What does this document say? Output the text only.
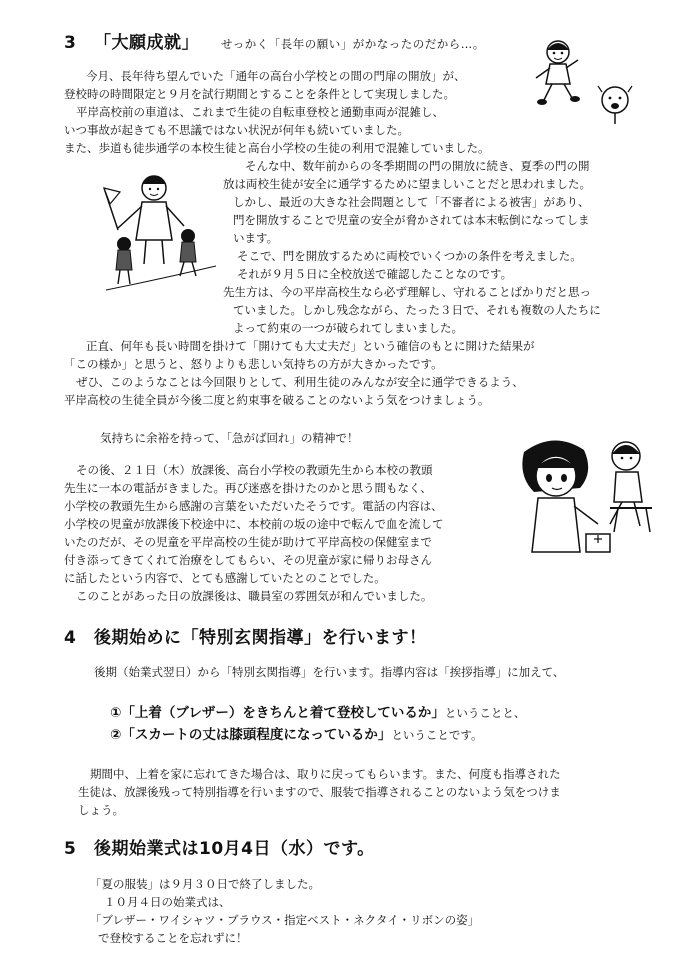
3 「大願成就」 せっかく「長年の願い」がかなったのだから…。
今月、長年待ち望んでいた「通年の高台小学校との間の門扉の開放」が、
登校時の時間限定と９月を試行期間とすることを条件として実現しました。
平岸高校前の車道は、これまで生徒の自転車登校と通勤車両が混雑し、
いつ事故が起きても不思議ではない状況が何年も続いていました。
また、歩道も徒歩通学の本校生徒と高台小学校の生徒の利用で混雑していました。
そんな中、数年前からの冬季期間の門の開放に続き、夏季の門の開
放は両校生徒が安全に通学するために望ましいことだと思われました。
しかし、最近の大きな社会問題として「不審者による被害」があり、
門を開放することで児童の安全が脅かされては本末転倒になってしま
います。
そこで、門を開放するために両校でいくつかの条件を考えました。
それが９月５日に全校放送で確認したことなのです。
先生方は、今の平岸高校生なら必ず理解し、守れることばかりだと思っ
ていました。しかし残念ながら、たった３日で、それも複数の人たちに
よって約束の一つが破られてしまいました。
正直、何年も長い時間を掛けて「開けても大丈夫だ」という確信のもとに開けた結果が
「この様か」と思うと、怒りよりも悲しい気持ちの方が大きかったです。
ぜひ、このようなことは今回限りとして、利用生徒のみんなが安全に通学できるよう、
平岸高校の生徒全員が今後二度と約束事を破ることのないよう気をつけましょう。
気持ちに余裕を持って、「急がば回れ」の精神で！
その後、２１日（木）放課後、高台小学校の教頭先生から本校の教頭
先生に一本の電話がきました。再び迷惑を掛けたのかと思う間もなく、
小学校の教頭先生から感謝の言葉をいただいたそうです。電話の内容は、
小学校の児童が放課後下校途中に、本校前の坂の途中で転んで血を流して
いたのだが、その児童を平岸高校の生徒が助けて平岸高校の保健室まで
付き添ってきてくれて治療をしてもらい、その児童が家に帰りお母さん
に話したという内容で、とても感謝していたとのことでした。
このことがあった日の放課後は、職員室の雰囲気が和んでいました。
4 後期始めに「特別玄関指導」を行います！
後期（始業式翌日）から「特別玄関指導」を行います。指導内容は「挨拶指導」に加えて、
①「上着（ブレザー）をきちんと着て登校しているか」ということと、
②「スカートの丈は膝頭程度になっているか」ということです。
期間中、上着を家に忘れてきた場合は、取りに戻ってもらいます。また、何度も指導された
生徒は、放課後残って特別指導を行いますので、服装で指導されることのないよう気をつけま
しょう。
5 後期始業式は10月4日（水）です。
「夏の服装」は９月３０日で終了しました。
１０月４日の始業式は、
「ブレザー・ワイシャツ・ブラウス・指定ベスト・ネクタイ・リボンの姿」
で登校することを忘れずに！
